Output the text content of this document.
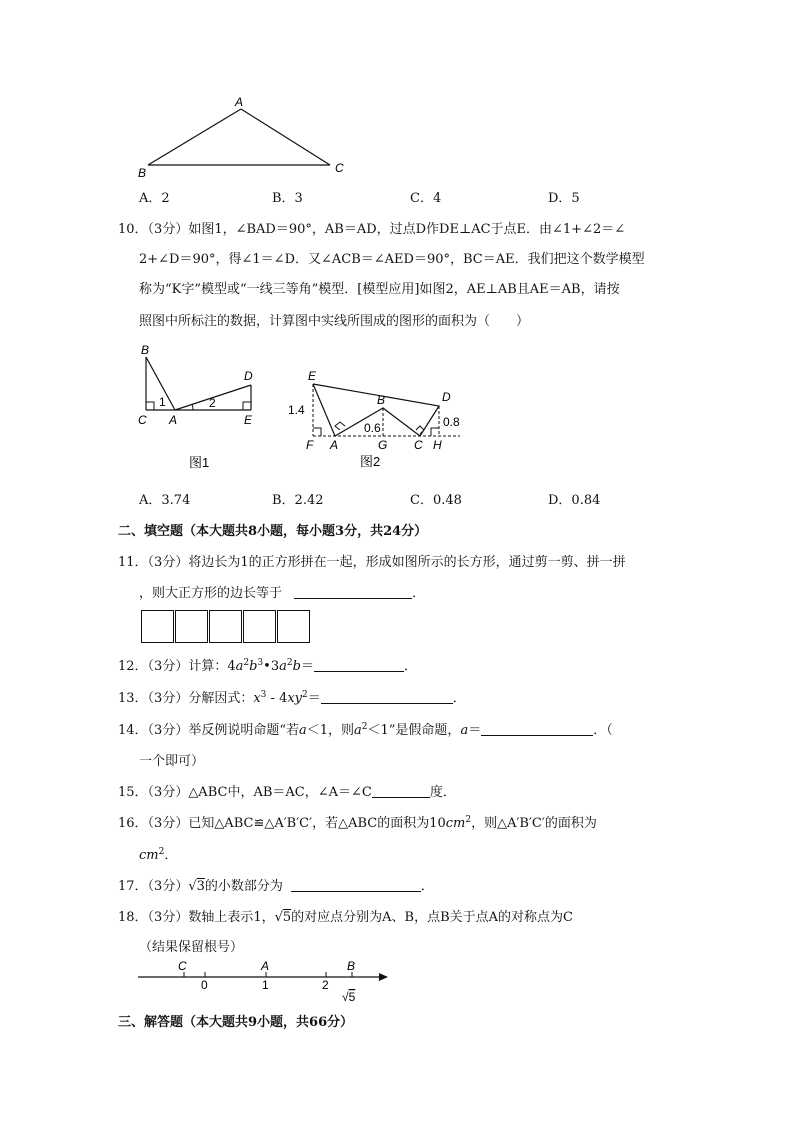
A
B	C
A．2	B．3	C．4	D．5
10．（3分）如图1，∠BAD＝90°，AB＝AD，过点D作DE⊥AC于点E．由∠1+∠2＝∠
2+∠D＝90°，得∠1＝∠D．又∠ACB＝∠AED＝90°，BC＝AE．我们把这个数学模型
称为“K字”模型或“一线三等角”模型．[模型应用]如图2，AE⊥AB且AE＝AB，请按
照图中所标注的数据，计算图中实线所围成的图形的面积为（　　）
B
C A
D
E
1	2
图1
E
D
B
F A	G C H
1.4
0.6	0.8
图2
A．3.74	B．2.42	C．0.48	D．0.84
二、填空题（本大题共8小题，每小题3分，共24分）
11．（3分）将边长为1的正方形拼在一起，形成如图所示的长方形，通过剪一剪、拼一拼
，则大正方形的边长等于	．
12．（3分）计算：$4a^2b^3•3a^2b=$	．
13．（3分）分解因式：$x^3 - 4xy^2=$	．
14．（3分）举反例说明命题“若a＜1，则$a^2<1$”是假命题，a＝	．（
一个即可）
15．（3分）△ABC中，AB＝AC，∠A＝∠C	度．
16．（3分）已知△ABC≌△A′B′C′，若△ABC的面积为$10cm^2$，则△A′B′C′的面积为
$cm^2$．
17．（3分）√3的小数部分为	．
18．（3分）数轴上表示1，√5的对应点分别为A、B，点B关于点A的对称点为C
（结果保留根号）
C	A	B
0	1	2
√5
三、解答题（本大题共9小题，共66分）
